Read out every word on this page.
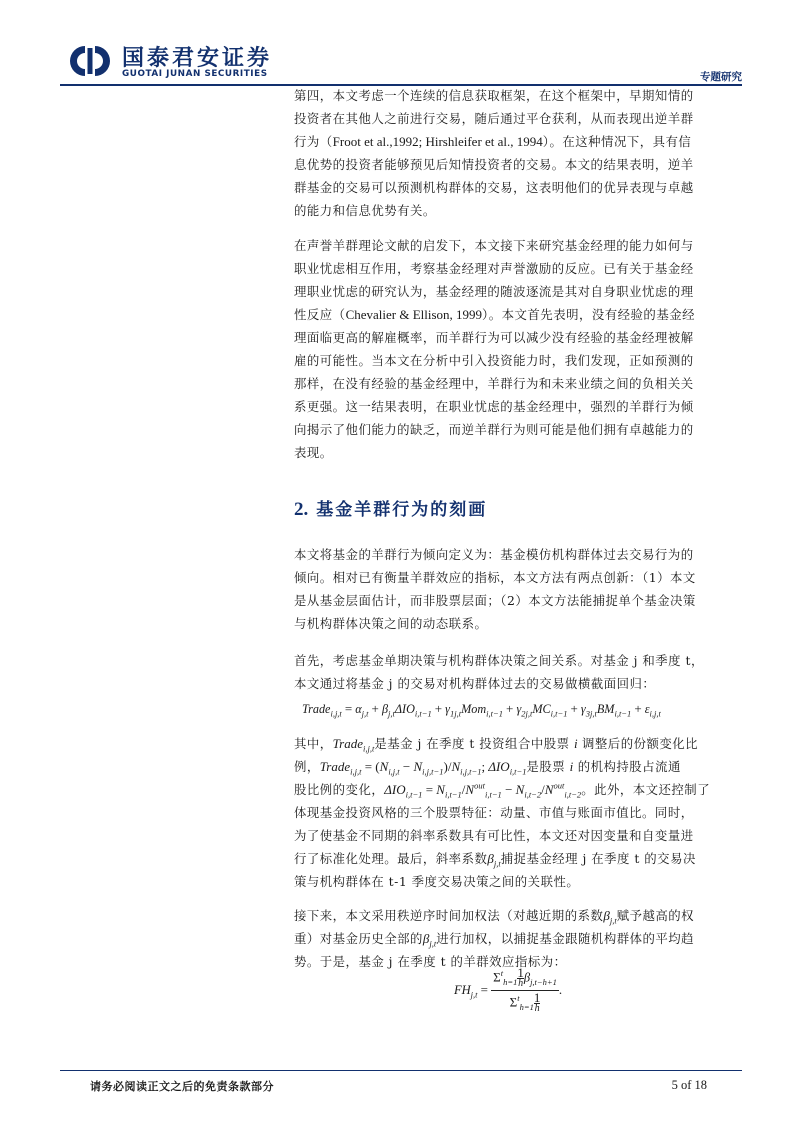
国泰君安证券
GUOTAI JUNAN SECURITIES	专题研究

第四，本文考虑一个连续的信息获取框架，在这个框架中，早期知情的
投资者在其他人之前进行交易，随后通过平仓获利，从而表现出逆羊群
行为（Froot et al.,1992; Hirshleifer et al., 1994）。在这种情况下，具有信
息优势的投资者能够预见后知情投资者的交易。本文的结果表明，逆羊
群基金的交易可以预测机构群体的交易，这表明他们的优异表现与卓越
的能力和信息优势有关。

在声誉羊群理论文献的启发下，本文接下来研究基金经理的能力如何与
职业忧虑相互作用，考察基金经理对声誉激励的反应。已有关于基金经
理职业忧虑的研究认为，基金经理的随波逐流是其对自身职业忧虑的理
性反应（Chevalier & Ellison, 1999）。本文首先表明，没有经验的基金经
理面临更高的解雇概率，而羊群行为可以减少没有经验的基金经理被解
雇的可能性。当本文在分析中引入投资能力时，我们发现，正如预测的
那样，在没有经验的基金经理中，羊群行为和未来业绩之间的负相关关
系更强。这一结果表明，在职业忧虑的基金经理中，强烈的羊群行为倾
向揭示了他们能力的缺乏，而逆羊群行为则可能是他们拥有卓越能力的
表现。

本文将基金的羊群行为倾向定义为：基金模仿机构群体过去交易行为的
倾向。相对已有衡量羊群效应的指标，本文方法有两点创新：（1）本文
是从基金层面估计，而非股票层面；（2）本文方法能捕捉单个基金决策
与机构群体决策之间的动态联系。

首先，考虑基金单期决策与机构群体决策之间关系。对基金 j 和季度 t，
本文通过将基金 j 的交易对机构群体过去的交易做横截面回归：

其中，Trade$_{i,j,t}$是基金 j 在季度 t 投资组合中股票 i 调整后的份额变化比
例，Trade$_{i,j,t}$ = $(N_{i,j,t} - N_{i,j,t-1})/N_{i,j,t-1}$; $\Delta IO_{i,t-1}$是股票 i 的机构持股占流通
股比例的变化，$\Delta IO_{i,t-1} = N_{i,t-1}/N^{out}_{i,t-1} - N_{i,t-2}/N^{out}_{i,t-2}$。此外，本文还控制了
体现基金投资风格的三个股票特征：动量、市值与账面市值比。同时，
为了使基金不同期的斜率系数具有可比性，本文还对因变量和自变量进
行了标准化处理。最后，斜率系数$\beta_{j,t}$捕捉基金经理 j 在季度 t 的交易决
策与机构群体在 t-1 季度交易决策之间的关联性。

接下来，本文采用秩逆序时间加权法（对越近期的系数$\beta_{j,t}$赋予越高的权
重）对基金历史全部的$\beta_{j,t}$进行加权，以捕捉基金跟随机构群体的平均趋
势。于是，基金 j 在季度 t 的羊群效应指标为：

2. 基金羊群行为的刻画
Trade$_{i,j,t}$ = $\alpha_{j,t} + \beta_{j,t}\Delta IO_{i,t-1} + \gamma_{1j,t}Mom_{i,t-1} + \gamma_{2j,t}MC_{i,t-1} + \gamma_{3j,t}BM_{i,t-1} + \varepsilon_{i,j,t}$
$FH_{j,t} = \frac{\Sigma^t_{h=1} \frac{1}{h}\beta_{j,t-h+1}}{\Sigma^t_{h=1} \frac{1}{h}}$ .
请务必阅读正文之后的免责条款部分	5 of 18
